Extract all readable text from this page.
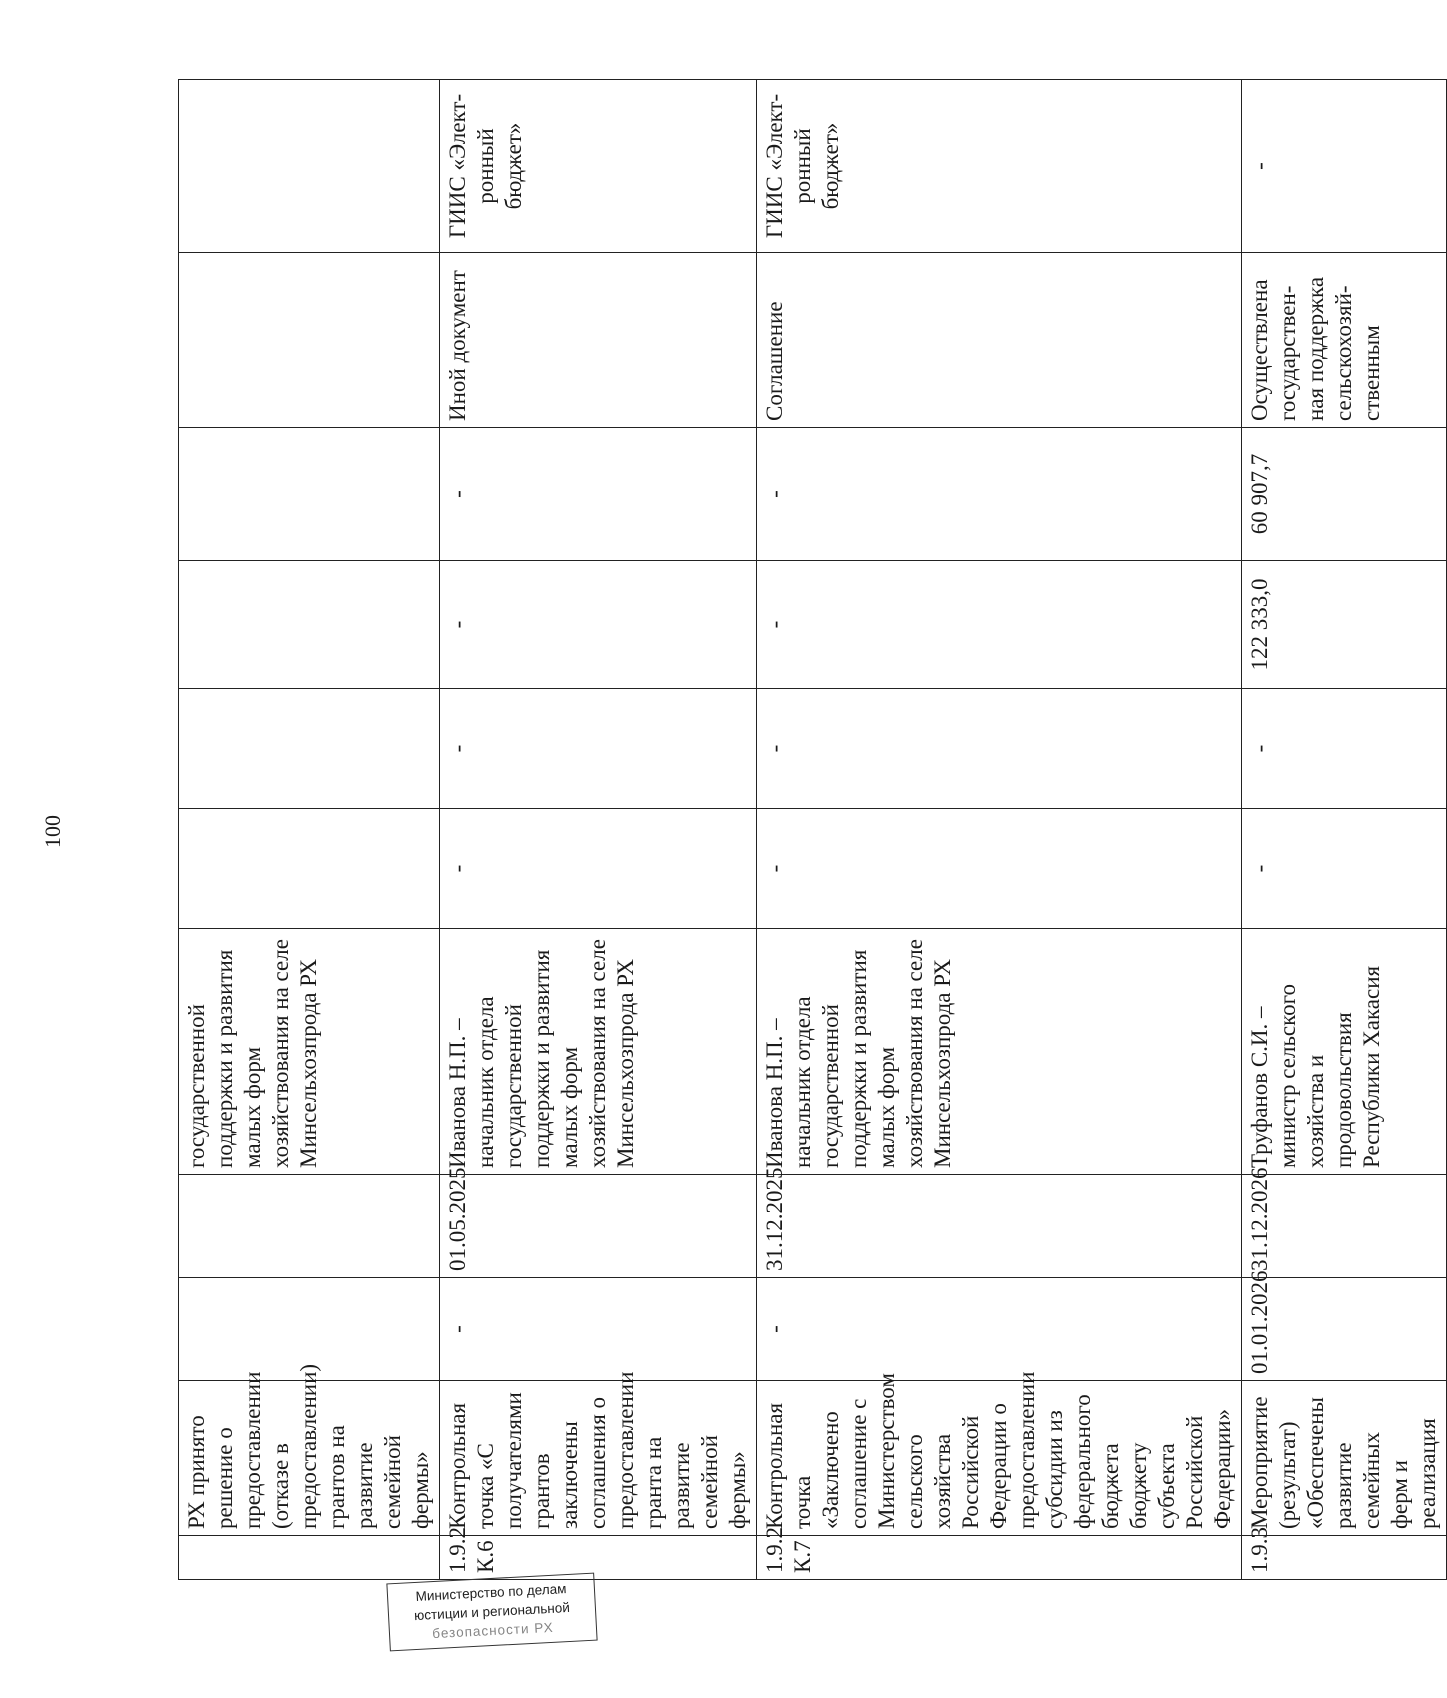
100
	РХ принято решение о предоставлении (отказе в предоставлении) грантов на развитие семейной фермы»			государственной поддержки и развития малых форм хозяйствования на селе Минсельхозпрода РХ						
1.9.2 К.6	Контрольная точка «С получателями грантов заключены соглашения о предоставлении гранта на развитие семейной фермы»	-	01.05.2025	Иванова Н.П. – начальник отдела государственной поддержки и развития малых форм хозяйствования на селе Минсельхозпрода РХ	-	-	-	-	Иной документ	ГИИС «Элект-ронный бюджет»
1.9.2 К.7	Контрольная точка «Заключено соглашение с Министерством сельского хозяйства Российской Федерации о предоставлении субсидии из федерального бюджета бюджету субъекта Российской Федерации»	-	31.12.2025	Иванова Н.П. – начальник отдела государственной поддержки и развития малых форм хозяйствования на селе Минсельхозпрода РХ	-	-	-	-	Соглашение	ГИИС «Элект-ронный бюджет»
1.9.3	Мероприятие (результат) «Обеспечены развитие семейных ферм и реализация	01.01.2026	31.12.2026	Труфанов С.И. – министр сельского хозяйства и продовольствия Республики Хакасия	-	-	122 333,0	60 907,7	Осуществлена государствен-ная поддержка сельскохозяй-ственным	-
Министерство по делам
юстиции и региональной
безопасности РХ
